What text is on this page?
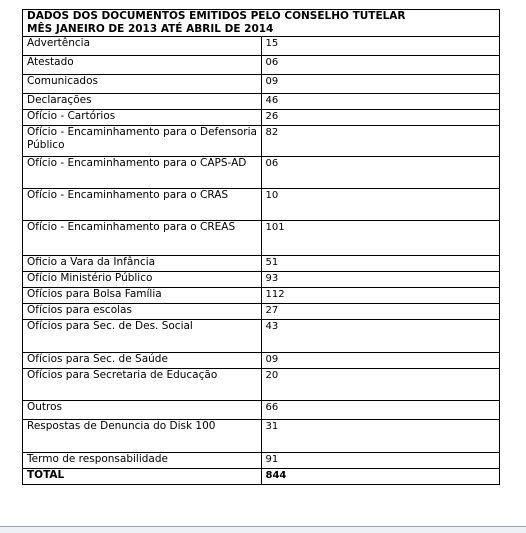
DADOS DOS DOCUMENTOS EMITIDOS PELO CONSELHO TUTELAR
MÊS JANEIRO DE 2013 ATÉ ABRIL DE 2014	

Advertência	15
Atestado	06
Comunicados	09
Declarações	46
Ofício - Cartórios	26
Ofício - Encaminhamento para o Defensoria Público	82
Ofício - Encaminhamento para o CAPS-AD	06
Ofício - Encaminhamento para o CRAS	10
Ofício - Encaminhamento para o CREAS	101
Oficio a Vara da Infância	51
Ofício Ministério Público	93
Ofícios para Bolsa Família	112
Ofícios para escolas	27
Ofícios para Sec. de Des. Social	43
Ofícios para Sec. de Saúde	09
Ofícios para Secretaria de Educação	20
Outros	66
Respostas de Denuncia do Disk 100	31
Termo de responsabilidade	91
TOTAL	844
